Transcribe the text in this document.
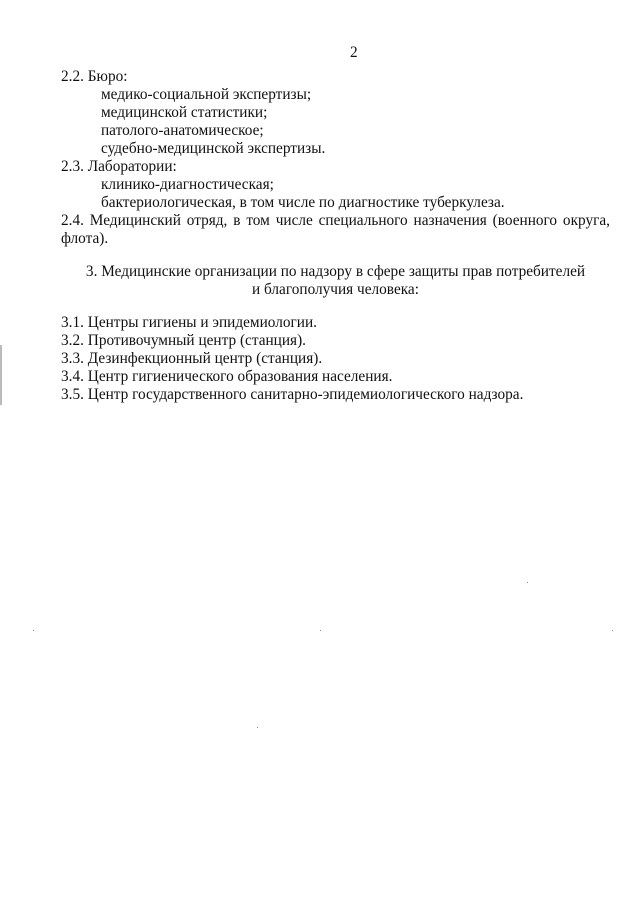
2
2.2. Бюро:
медико-социальной экспертизы;
медицинской статистики;
патолого-анатомическое;
судебно-медицинской экспертизы.
2.3. Лаборатории:
клинико-диагностическая;
бактериологическая, в том числе по диагностике туберкулеза.
2.4. Медицинский отряд, в том числе специального назначения (военного округа,
флота).
3. Медицинские организации по надзору в сфере защиты прав потребителей
и благополучия человека:
3.1. Центры гигиены и эпидемиологии.
3.2. Противочумный центр (станция).
3.3. Дезинфекционный центр (станция).
3.4. Центр гигиенического образования населения.
3.5. Центр государственного санитарно-эпидемиологического надзора.
